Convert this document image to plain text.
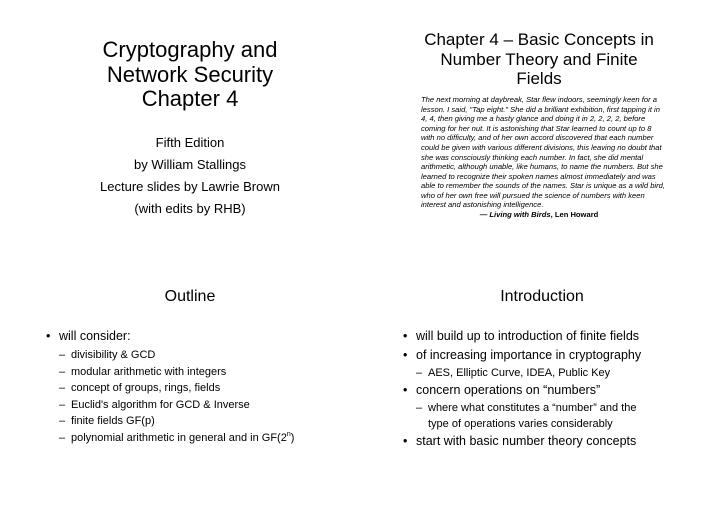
Cryptography and
Network Security
Chapter 4
Fifth Edition
by William Stallings
Lecture slides by Lawrie Brown
(with edits by RHB)
Chapter 4 – Basic Concepts in
Number Theory and Finite
Fields
The next morning at daybreak, Star flew indoors, seemingly keen for a lesson. I said, "Tap eight." She did a brilliant exhibition, first tapping it in 4, 4, then giving me a hasty glance and doing it in 2, 2, 2, 2, before coming for her nut. It is astonishing that Star learned to count up to 8 with no difficulty, and of her own accord discovered that each number could be given with various different divisions, this leaving no doubt that she was consciously thinking each number. In fact, she did mental arithmetic, although unable, like humans, to name the numbers. But she learned to recognize their spoken names almost immediately and was able to remember the sounds of the names. Star is unique as a wild bird, who of her own free will pursued the science of numbers with keen interest and astonishing intelligence.
— Living with Birds, Len Howard
Outline
• will consider:
– divisibility & GCD
– modular arithmetic with integers
– concept of groups, rings, fields
– Euclid's algorithm for GCD & Inverse
– finite fields GF(p)
– polynomial arithmetic in general and in GF(2$^n$)
Introduction
• will build up to introduction of finite fields
• of increasing importance in cryptography
– AES, Elliptic Curve, IDEA, Public Key
• concern operations on “numbers”
– where what constitutes a “number” and the
type of operations varies considerably
• start with basic number theory concepts
